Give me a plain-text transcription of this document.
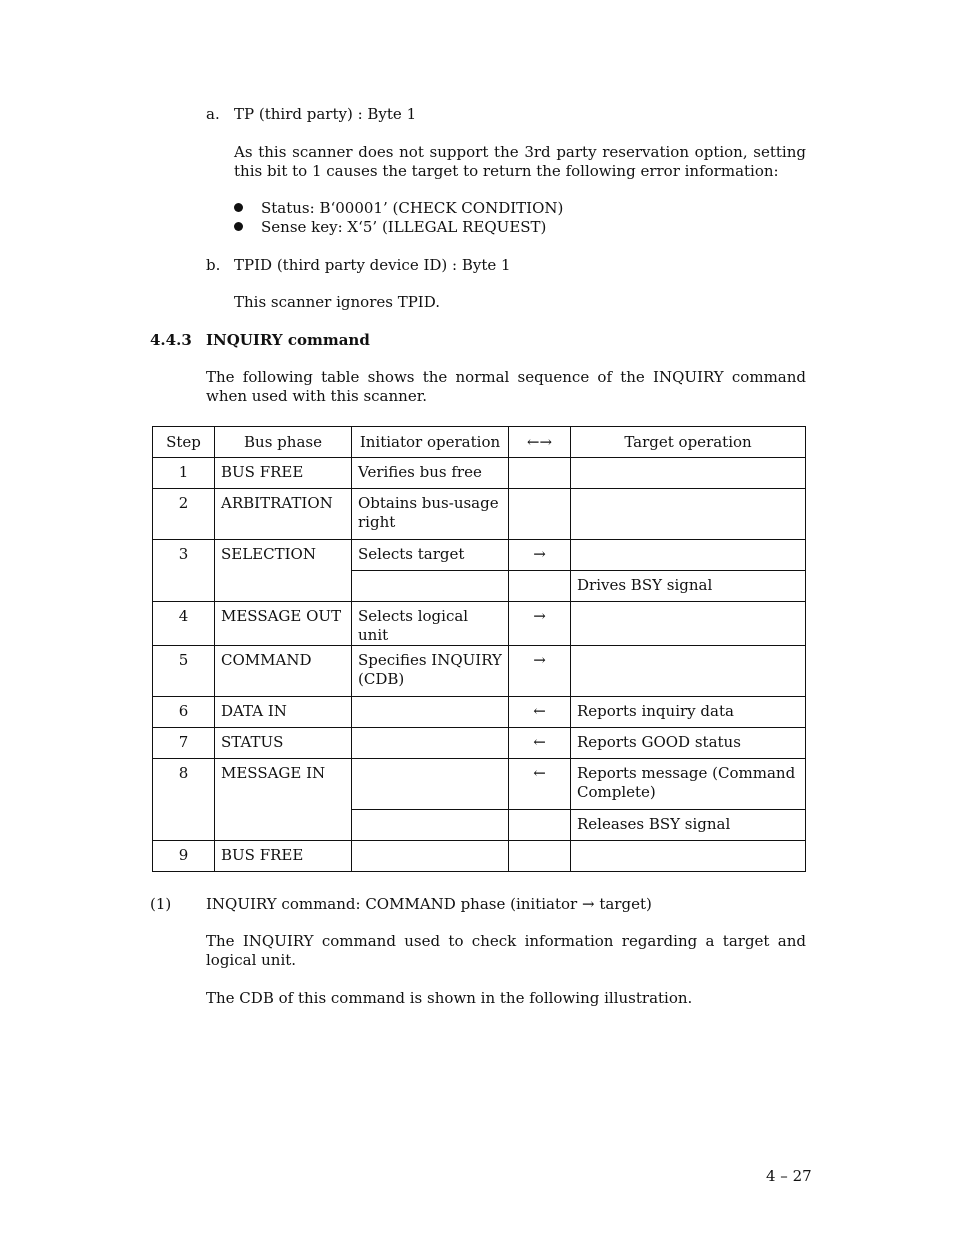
a. TP (third party) : Byte 1
As this scanner does not support the 3rd party reservation option, setting this bit to 1 causes the target to return the following error information:
Status: B‘00001’ (CHECK CONDITION)
Sense key: X‘5’ (ILLEGAL REQUEST)
b. TPID (third party device ID) : Byte 1
This scanner ignores TPID.
4.4.3 INQUIRY command
The following table shows the normal sequence of the INQUIRY command when used with this scanner.
Step	Bus phase	Initiator operation	←→	Target operation

1	BUS FREE	Verifies bus free		

2	ARBITRATION	Obtains bus-usage right		

3	SELECTION	Selects target	→	

				Drives BSY signal

4	MESSAGE OUT	Selects logical unit	→	

5	COMMAND	Specifies INQUIRY (CDB)	→	

6	DATA IN		←	Reports inquiry data

7	STATUS		←	Reports GOOD status

8	MESSAGE IN		←	Reports message (Command Complete)

				Releases BSY signal

9	BUS FREE			

(1) INQUIRY command: COMMAND phase (initiator → target)
The INQUIRY command used to check information regarding a target and logical unit.
The CDB of this command is shown in the following illustration.
4 – 27
